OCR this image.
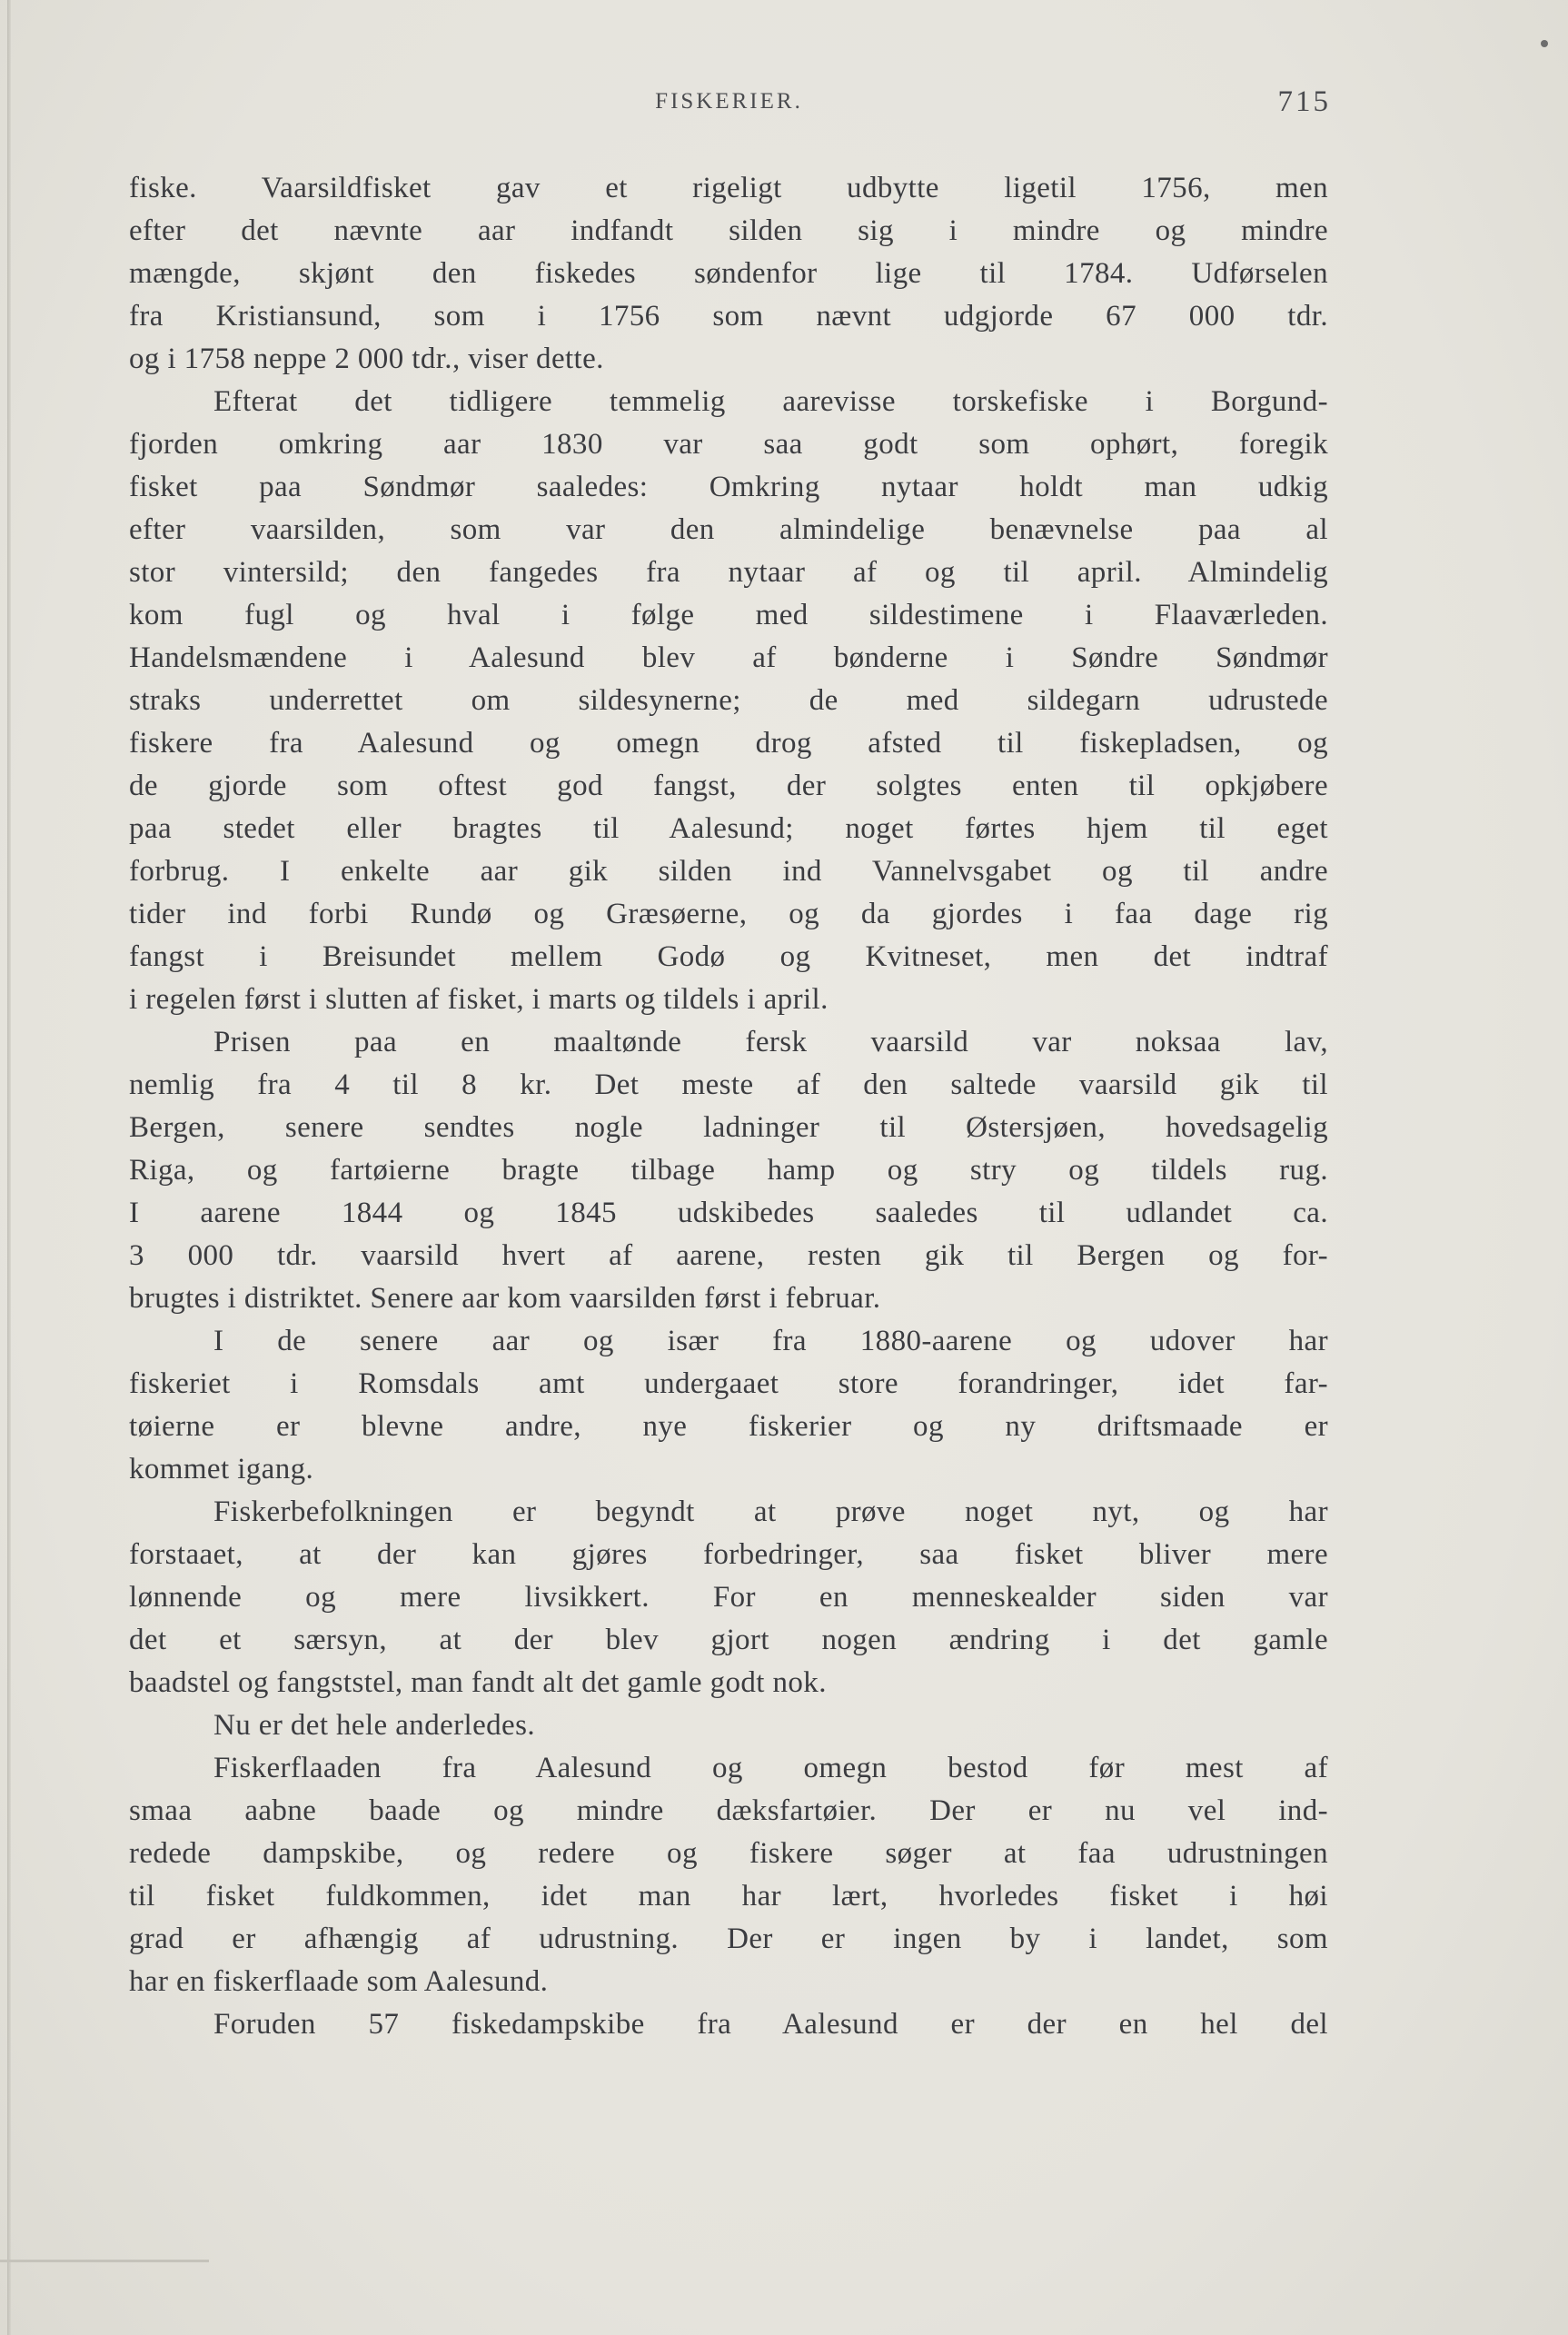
FISKERIER.	715
fiske. Vaarsildfisket gav et rigeligt udbytte ligetil 1756, men
efter det nævnte aar indfandt silden sig i mindre og mindre
mængde, skjønt den fiskedes søndenfor lige til 1784. Udførselen
fra Kristiansund, som i 1756 som nævnt udgjorde 67 000 tdr.
og i 1758 neppe 2 000 tdr., viser dette.
Efterat det tidligere temmelig aarevisse torskefiske i Borgund-
fjorden omkring aar 1830 var saa godt som ophørt, foregik
fisket paa Søndmør saaledes: Omkring nytaar holdt man udkig
efter vaarsilden, som var den almindelige benævnelse paa al
stor vintersild; den fangedes fra nytaar af og til april. Almindelig
kom fugl og hval i følge med sildestimene i Flaaværleden.
Handelsmændene i Aalesund blev af bønderne i Søndre Søndmør
straks underrettet om sildesynerne; de med sildegarn udrustede
fiskere fra Aalesund og omegn drog afsted til fiskepladsen, og
de gjorde som oftest god fangst, der solgtes enten til opkjøbere
paa stedet eller bragtes til Aalesund; noget førtes hjem til eget
forbrug. I enkelte aar gik silden ind Vannelvsgabet og til andre
tider ind forbi Rundø og Græsøerne, og da gjordes i faa dage rig
fangst i Breisundet mellem Godø og Kvitneset, men det indtraf
i regelen først i slutten af fisket, i marts og tildels i april.
Prisen paa en maaltønde fersk vaarsild var noksaa lav,
nemlig fra 4 til 8 kr. Det meste af den saltede vaarsild gik til
Bergen, senere sendtes nogle ladninger til Østersjøen, hovedsagelig
Riga, og fartøierne bragte tilbage hamp og stry og tildels rug.
I aarene 1844 og 1845 udskibedes saaledes til udlandet ca.
3 000 tdr. vaarsild hvert af aarene, resten gik til Bergen og for-
brugtes i distriktet. Senere aar kom vaarsilden først i februar.
I de senere aar og især fra 1880-aarene og udover har
fiskeriet i Romsdals amt undergaaet store forandringer, idet far-
tøierne er blevne andre, nye fiskerier og ny driftsmaade er
kommet igang.
Fiskerbefolkningen er begyndt at prøve noget nyt, og har
forstaaet, at der kan gjøres forbedringer, saa fisket bliver mere
lønnende og mere livsikkert. For en menneskealder siden var
det et særsyn, at der blev gjort nogen ændring i det gamle
baadstel og fangststel, man fandt alt det gamle godt nok.
Nu er det hele anderledes.
Fiskerflaaden fra Aalesund og omegn bestod før mest af
smaa aabne baade og mindre dæksfartøier. Der er nu vel ind-
redede dampskibe, og redere og fiskere søger at faa udrustningen
til fisket fuldkommen, idet man har lært, hvorledes fisket i høi
grad er afhængig af udrustning. Der er ingen by i landet, som
har en fiskerflaade som Aalesund.
Foruden 57 fiskedampskibe fra Aalesund er der en hel del
